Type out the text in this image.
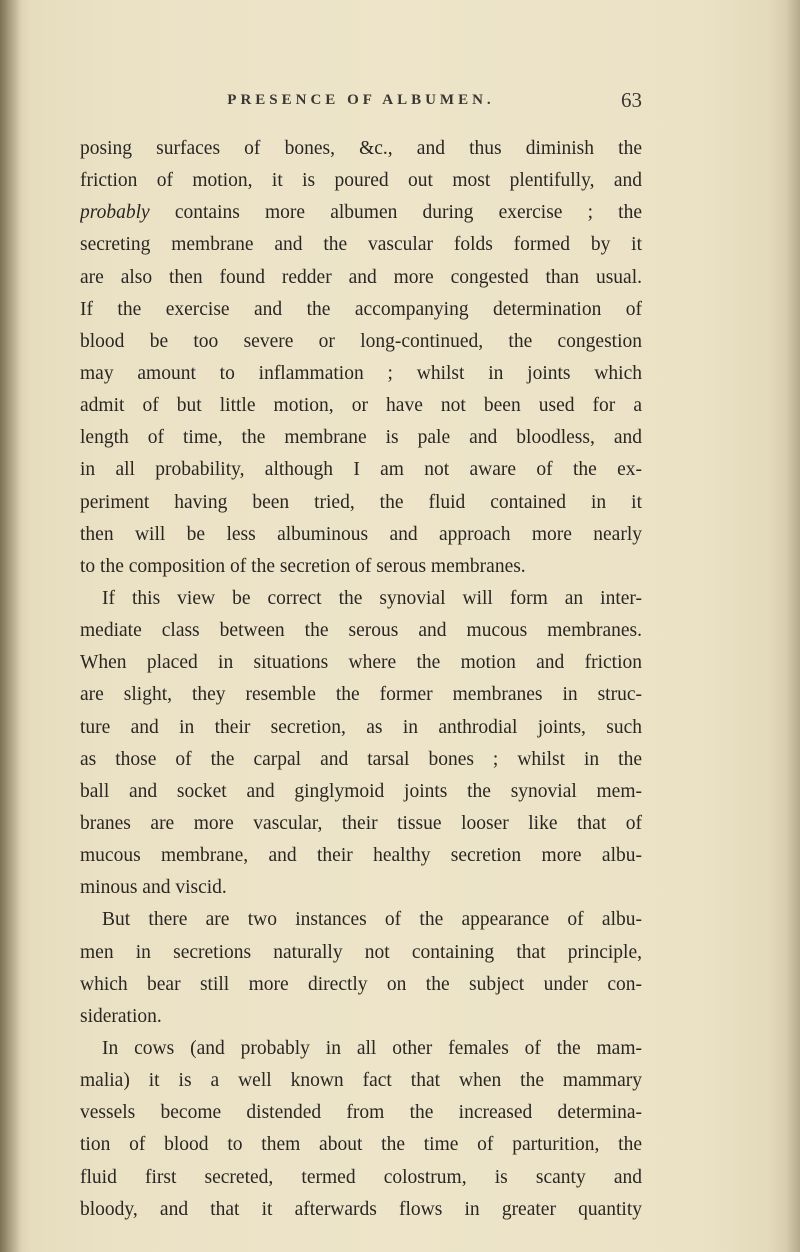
PRESENCE OF ALBUMEN.	63
posing surfaces of bones, &c., and thus diminish the
friction of motion, it is poured out most plentifully, and
probably contains more albumen during exercise ; the
secreting membrane and the vascular folds formed by it
are also then found redder and more congested than usual.
If the exercise and the accompanying determination of
blood be too severe or long-continued, the congestion
may amount to inflammation ; whilst in joints which
admit of but little motion, or have not been used for a
length of time, the membrane is pale and bloodless, and
in all probability, although I am not aware of the ex-
periment having been tried, the fluid contained in it
then will be less albuminous and approach more nearly
to the composition of the secretion of serous membranes.
If this view be correct the synovial will form an inter-
mediate class between the serous and mucous membranes.
When placed in situations where the motion and friction
are slight, they resemble the former membranes in struc-
ture and in their secretion, as in anthrodial joints, such
as those of the carpal and tarsal bones ; whilst in the
ball and socket and ginglymoid joints the synovial mem-
branes are more vascular, their tissue looser like that of
mucous membrane, and their healthy secretion more albu-
minous and viscid.
But there are two instances of the appearance of albu-
men in secretions naturally not containing that principle,
which bear still more directly on the subject under con-
sideration.
In cows (and probably in all other females of the mam-
malia) it is a well known fact that when the mammary
vessels become distended from the increased determina-
tion of blood to them about the time of parturition, the
fluid first secreted, termed colostrum, is scanty and
bloody, and that it afterwards flows in greater quantity
